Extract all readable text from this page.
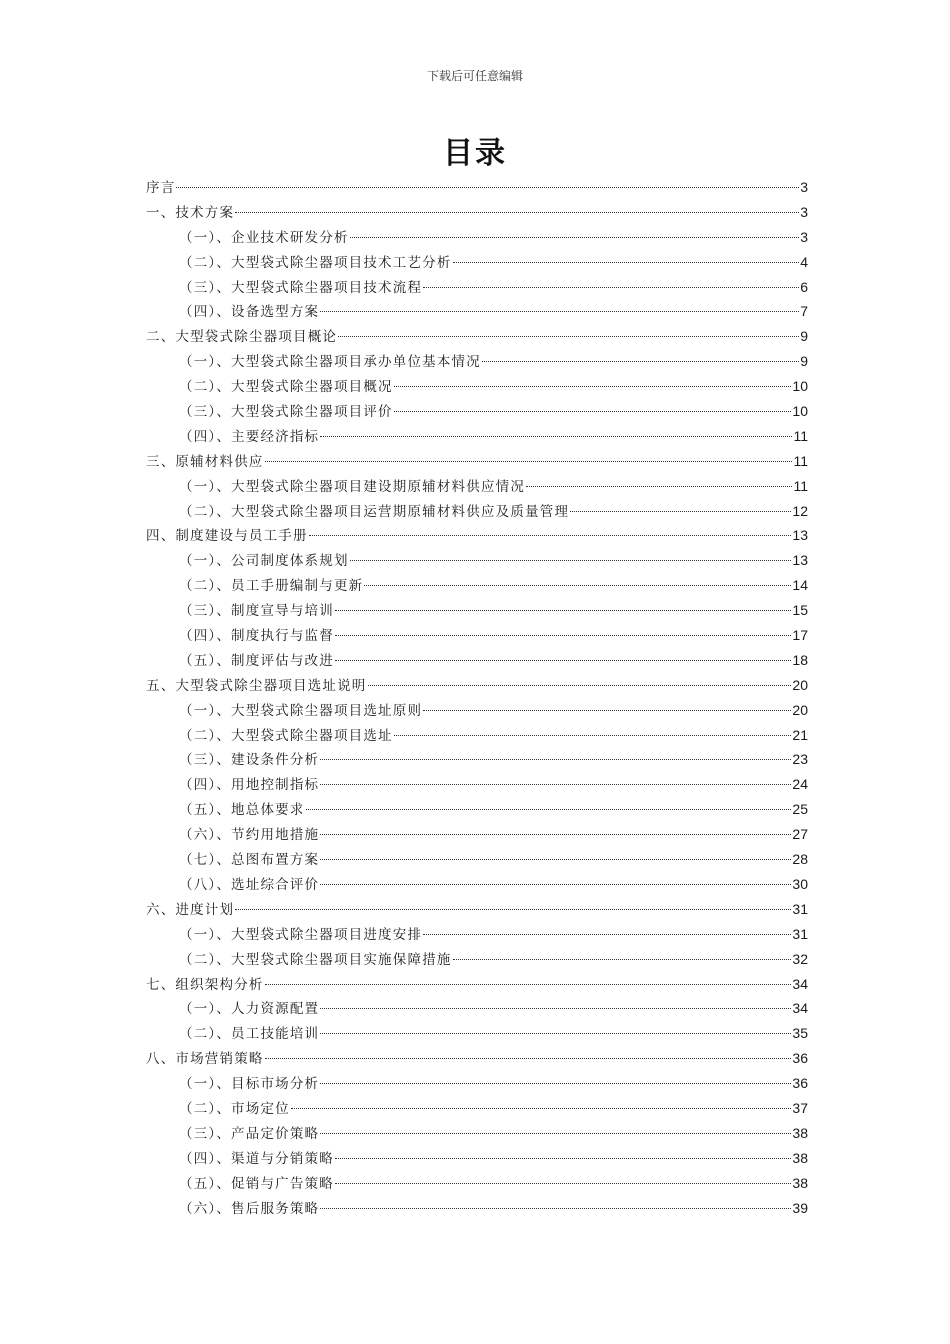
下载后可任意编辑
目录
序言	3
一、技术方案	3
（一）、企业技术研发分析	3
（二）、大型袋式除尘器项目技术工艺分析	4
（三）、大型袋式除尘器项目技术流程	6
（四）、设备选型方案	7
二、大型袋式除尘器项目概论	9
（一）、大型袋式除尘器项目承办单位基本情况	9
（二）、大型袋式除尘器项目概况	10
（三）、大型袋式除尘器项目评价	10
（四）、主要经济指标	11
三、原辅材料供应	11
（一）、大型袋式除尘器项目建设期原辅材料供应情况	11
（二）、大型袋式除尘器项目运营期原辅材料供应及质量管理	12
四、制度建设与员工手册	13
（一）、公司制度体系规划	13
（二）、员工手册编制与更新	14
（三）、制度宣导与培训	15
（四）、制度执行与监督	17
（五）、制度评估与改进	18
五、大型袋式除尘器项目选址说明	20
（一）、大型袋式除尘器项目选址原则	20
（二）、大型袋式除尘器项目选址	21
（三）、建设条件分析	23
（四）、用地控制指标	24
（五）、地总体要求	25
（六）、节约用地措施	27
（七）、总图布置方案	28
（八）、选址综合评价	30
六、进度计划	31
（一）、大型袋式除尘器项目进度安排	31
（二）、大型袋式除尘器项目实施保障措施	32
七、组织架构分析	34
（一）、人力资源配置	34
（二）、员工技能培训	35
八、市场营销策略	36
（一）、目标市场分析	36
（二）、市场定位	37
（三）、产品定价策略	38
（四）、渠道与分销策略	38
（五）、促销与广告策略	38
（六）、售后服务策略	39
